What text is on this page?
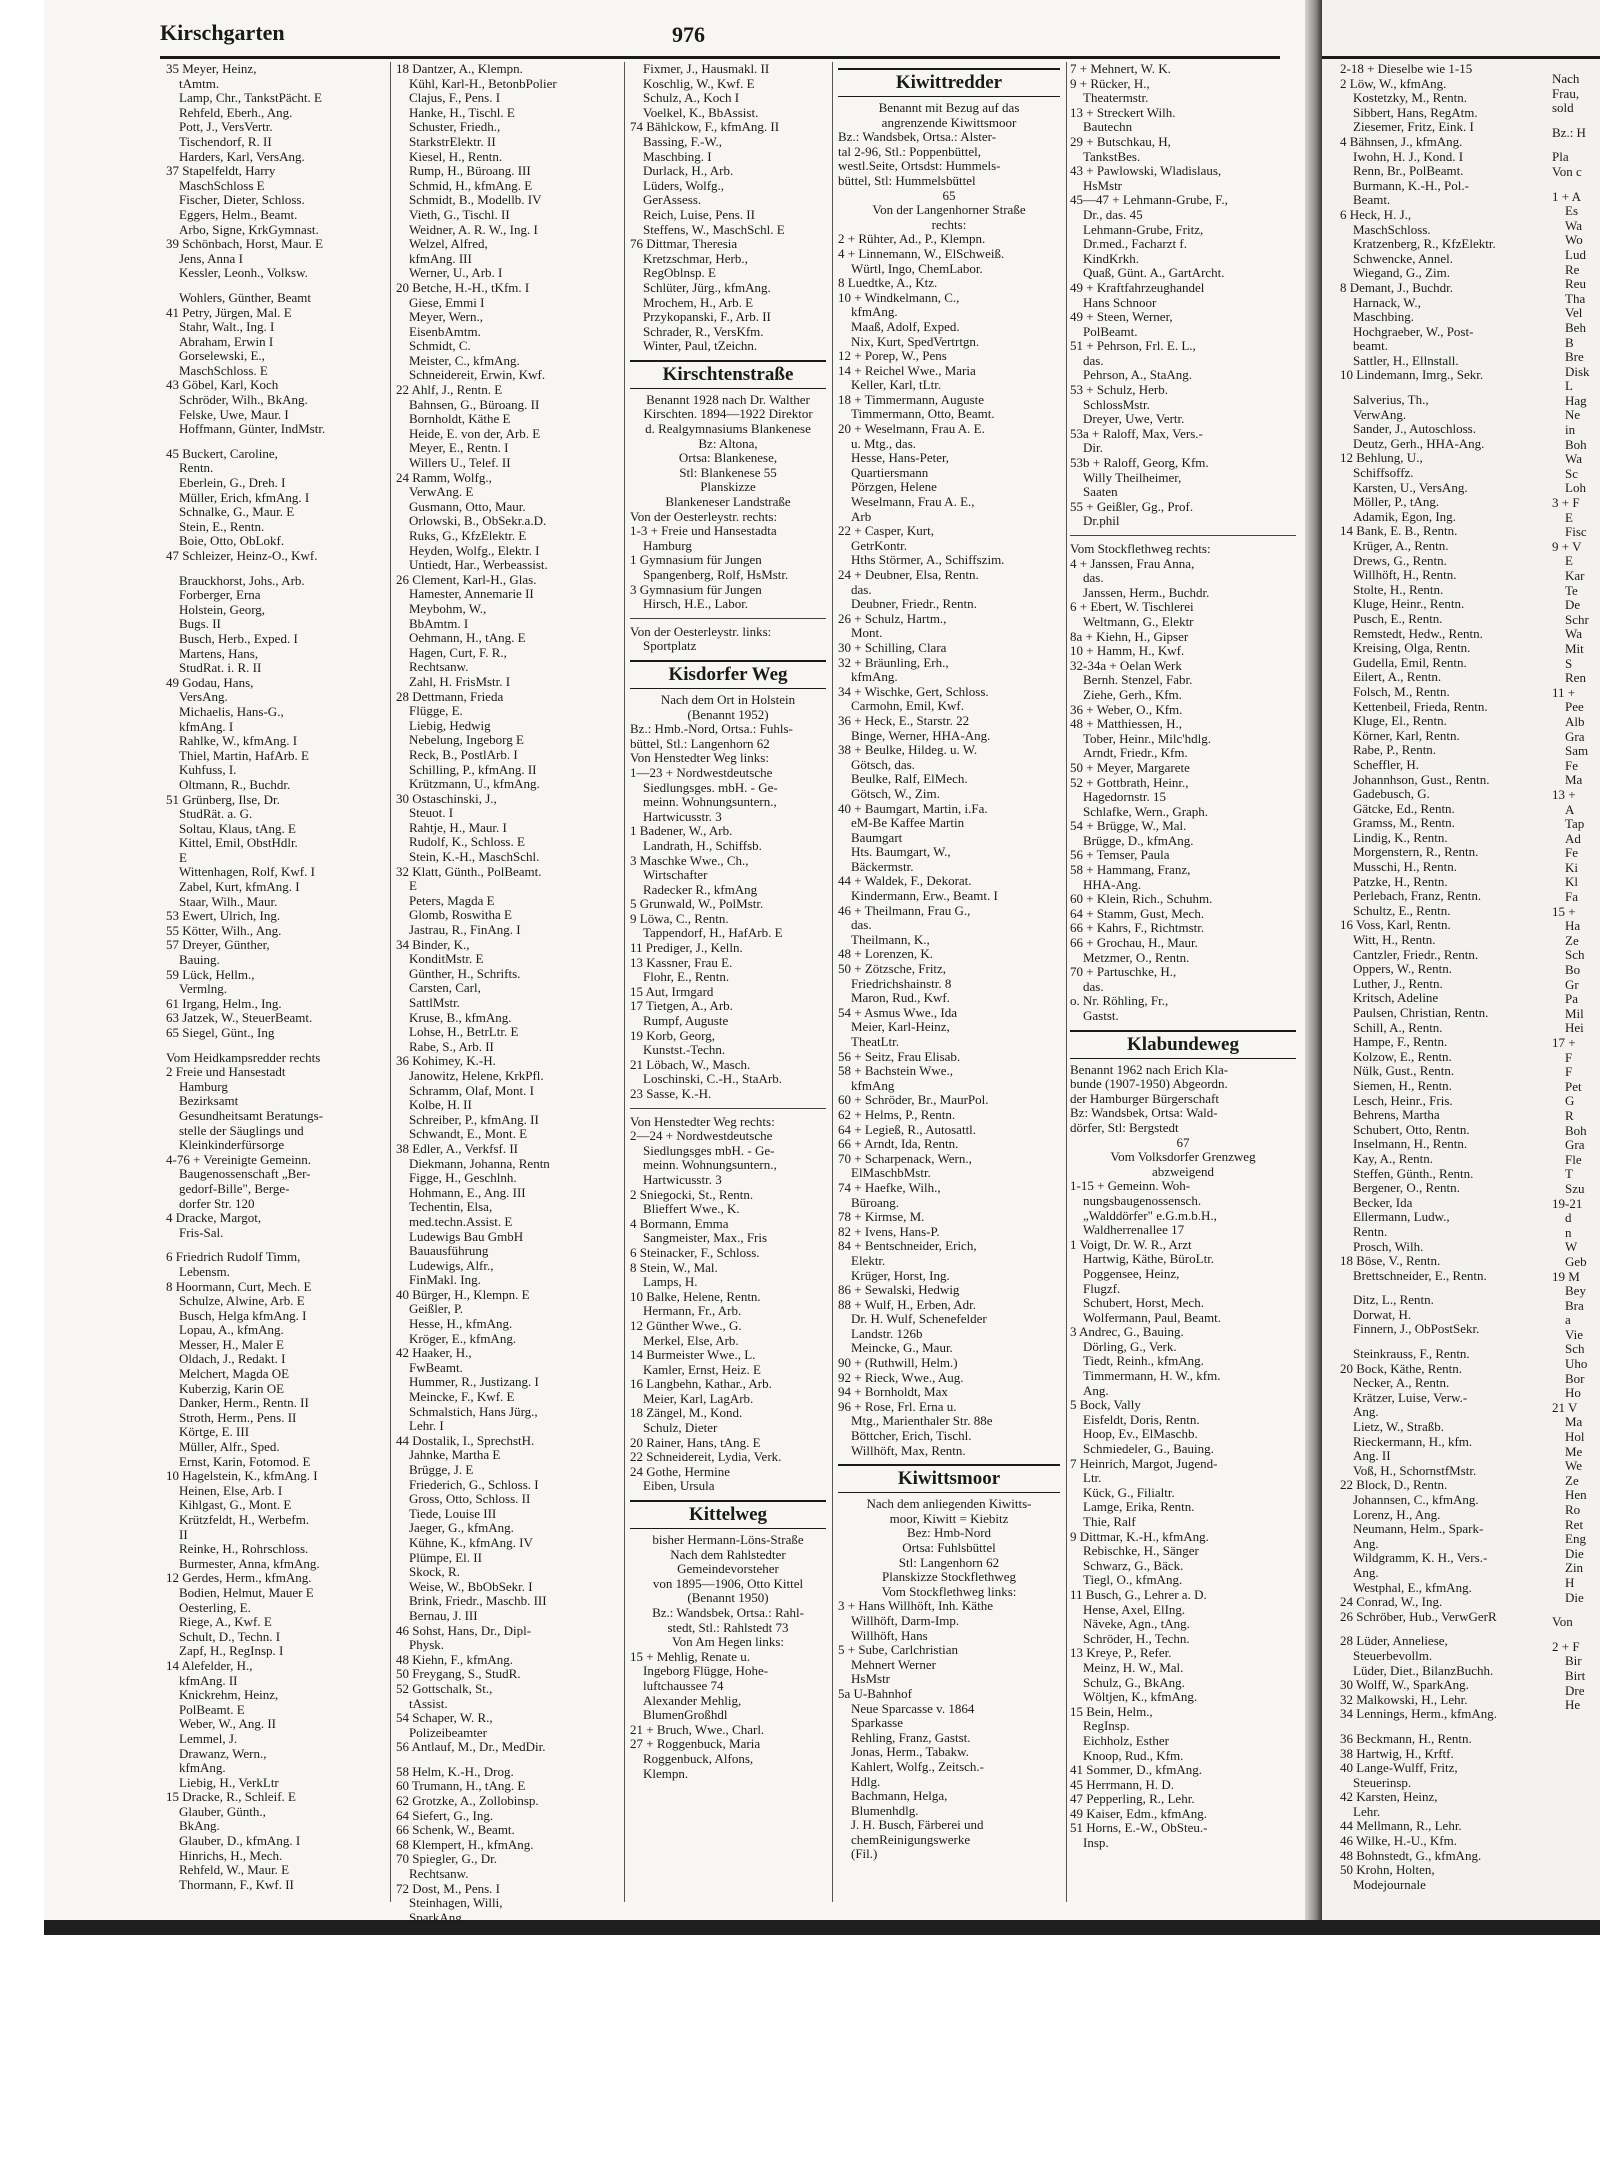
Kirschgarten	976
35 Meyer, Heinz,
 tAmtm.
 Lamp, Chr., TankstPächt. E
 Rehfeld, Eberh., Ang.
 Pott, J., VersVertr.
 Tischendorf, R. II
 Harders, Karl, VersAng.
37 Stapelfeldt, Harry
 MaschSchloss E
 Fischer, Dieter, Schloss.
 Eggers, Helm., Beamt.
 Arbo, Signe, KrkGymnast.
39 Schönbach, Horst, Maur. E
 Jens, Anna I
 Kessler, Leonh., Volksw.
 Wohlers, Günther, Beamt
41 Petry, Jürgen, Mal. E
 Stahr, Walt., Ing. I
 Abraham, Erwin I
 Gorselewski, E.,
 MaschSchloss. E
43 Göbel, Karl, Koch
 Schröder, Wilh., BkAng.
 Felske, Uwe, Maur. I
 Hoffmann, Günter, IndMstr.
45 Buckert, Caroline,
 Rentn.
 Eberlein, G., Dreh. I
 Müller, Erich, kfmAng. I
 Schnalke, G., Maur. E
 Stein, E., Rentn.
 Boie, Otto, ObLokf.
47 Schleizer, Heinz-O., Kwf.
 Brauckhorst, Johs., Arb.
 Forberger, Erna
 Holstein, Georg,
 Bugs. II
 Busch, Herb., Exped. I
 Martens, Hans,
 StudRat. i. R. II
49 Godau, Hans,
 VersAng.
 Michaelis, Hans-G.,
 kfmAng. I
 Rahlke, W., kfmAng. I
 Thiel, Martin, HafArb. E
 Kuhfuss, I.
 Oltmann, R., Buchdr.
51 Grünberg, Ilse, Dr.
 StudRät. a. G.
 Soltau, Klaus, tAng. E
 Kittel, Emil, ObstHdlr.
 E
 Wittenhagen, Rolf, Kwf. I
 Zabel, Kurt, kfmAng. I
 Staar, Wilh., Maur.
53 Ewert, Ulrich, Ing.
55 Kötter, Wilh., Ang.
57 Dreyer, Günther,
 Bauing.
59 Lück, Hellm.,
 Vermlng.
61 Irgang, Helm., Ing.
63 Jatzek, W., SteuerBeamt.
65 Siegel, Günt., Ing
Vom Heidkampsredder rechts
2 Freie und Hansestadt
 Hamburg
 Bezirksamt
 Gesundheitsamt Beratungs-
 stelle der Säuglings und
 Kleinkinderfürsorge
4-76 + Vereinigte Gemeinn.
 Baugenossenschaft „Ber-
 gedorf-Bille", Berge-
 dorfer Str. 120
4 Dracke, Margot,
 Fris-Sal.
6 Friedrich Rudolf Timm,
 Lebensm.
8 Hoormann, Curt, Mech. E
 Schulze, Alwine, Arb. E
 Busch, Helga kfmAng. I
 Lopau, A., kfmAng.
 Messer, H., Maler E
 Oldach, J., Redakt. I
 Melchert, Magda OE
 Kuberzig, Karin OE
 Danker, Herm., Rentn. II
 Stroth, Herm., Pens. II
 Körtge, E. III
 Müller, Alfr., Sped.
 Ernst, Karin, Fotomod. E
10 Hagelstein, K., kfmAng. I
 Heinen, Else, Arb. I
 Kihlgast, G., Mont. E
 Krützfeldt, H., Werbefm.
 II
 Reinke, H., Rohrschloss.
 Burmester, Anna, kfmAng.
12 Gerdes, Herm., kfmAng.
 Bodien, Helmut, Mauer E
 Oesterling, E.
 Riege, A., Kwf. E
 Schult, D., Techn. I
 Zapf, H., RegInsp. I
14 Alefelder, H.,
 kfmAng. II
 Knickrehm, Heinz,
 PolBeamt. E
 Weber, W., Ang. II
 Lemmel, J.
 Drawanz, Wern.,
 kfmAng.
 Liebig, H., VerkLtr
15 Dracke, R., Schleif. E
 Glauber, Günth.,
 BkAng.
 Glauber, D., kfmAng. I
 Hinrichs, H., Mech.
 Rehfeld, W., Maur. E
 Thormann, F., Kwf. II
18 Dantzer, A., Klempn.
 Kühl, Karl-H., BetonbPolier
 Clajus, F., Pens. I
 Hanke, H., Tischl. E
 Schuster, Friedh.,
 StarkstrElektr. II
 Kiesel, H., Rentn.
 Rump, H., Büroang. III
 Schmid, H., kfmAng. E
 Schmidt, B., Modellb. IV
 Vieth, G., Tischl. II
 Weidner, A. R. W., Ing. I
 Welzel, Alfred,
 kfmAng. III
 Werner, U., Arb. I
20 Betche, H.-H., tKfm. I
 Giese, Emmi I
 Meyer, Wern.,
 EisenbAmtm.
 Schmidt, C.
 Meister, C., kfmAng.
 Schneidereit, Erwin, Kwf.
22 Ahlf, J., Rentn. E
 Bahnsen, G., Büroang. II
 Bornholdt, Käthe E
 Heide, E. von der, Arb. E
 Meyer, E., Rentn. I
 Willers U., Telef. II
24 Ramm, Wolfg.,
 VerwAng. E
 Gusmann, Otto, Maur.
 Orlowski, B., ObSekr.a.D.
 Ruks, G., KfzElektr. E
 Heyden, Wolfg., Elektr. I
 Untiedt, Har., Werbeassist.
26 Clement, Karl-H., Glas.
 Hamester, Annemarie II
 Meybohm, W.,
 BbAmtm. I
 Oehmann, H., tAng. E
 Hagen, Curt, F. R.,
 Rechtsanw.
 Zahl, H. FrisMstr. I
28 Dettmann, Frieda
 Flügge, E.
 Liebig, Hedwig
 Nebelung, Ingeborg E
 Reck, B., PostlArb. I
 Schilling, P., kfmAng. II
 Krützmann, U., kfmAng.
30 Ostaschinski, J.,
 Steuot. I
 Rahtje, H., Maur. I
 Rudolf, K., Schloss. E
 Stein, K.-H., MaschSchl.
32 Klatt, Günth., PolBeamt.
 E
 Peters, Magda E
 Glomb, Roswitha E
 Jastrau, R., FinAng. I
34 Binder, K.,
 KonditMstr. E
 Günther, H., Schrifts.
 Carsten, Carl,
 SattlMstr.
 Kruse, B., kfmAng.
 Lohse, H., BetrLtr. E
 Rabe, S., Arb. II
36 Kohimey, K.-H.
 Janowitz, Helene, KrkPfl.
 Schramm, Olaf, Mont. I
 Kolbe, H. II
 Schreiber, P., kfmAng. II
 Schwandt, E., Mont. E
38 Edler, A., Verkfsf. II
 Diekmann, Johanna, Rentn
 Figge, H., Geschlnh.
 Hohmann, E., Ang. III
 Techentin, Elsa,
 med.techn.Assist. E
 Ludewigs Bau GmbH
 Bauausführung
 Ludewigs, Alfr.,
 FinMakl. Ing.
40 Bürger, H., Klempn. E
 Geißler, P.
 Hesse, H., kfmAng.
 Kröger, E., kfmAng.
42 Haaker, H.,
 FwBeamt.
 Hummer, R., Justizang. I
 Meincke, F., Kwf. E
 Schmalstich, Hans Jürg.,
 Lehr. I
44 Dostalik, I., SprechstH.
 Jahnke, Martha E
 Brügge, J. E
 Friederich, G., Schloss. I
 Gross, Otto, Schloss. II
 Tiede, Louise III
 Jaeger, G., kfmAng.
 Kühne, K., kfmAng. IV
 Plümpe, El. II
 Skock, R.
 Weise, W., BbObSekr. I
 Brink, Friedr., Maschb. III
 Bernau, J. III
46 Sohst, Hans, Dr., Dipl-
 Physk.
48 Kiehn, F., kfmAng.
50 Freygang, S., StudR.
52 Gottschalk, St.,
 tAssist.
54 Schaper, W. R.,
 Polizeibeamter
56 Antlauf, M., Dr., MedDir.
58 Helm, K.-H., Drog.
60 Trumann, H., tAng. E
62 Grotzke, A., Zollobinsp.
64 Siefert, G., Ing.
66 Schenk, W., Beamt.
68 Klempert, H., kfmAng.
70 Spiegler, G., Dr.
 Rechtsanw.
72 Dost, M., Pens. I
 Steinhagen, Willi,
 SparkAng.
 Fixmer, J., Hausmakl. II
 Koschlig, W., Kwf. E
 Schulz, A., Koch I
 Voelkel, K., BbAssist.
74 Bählckow, F., kfmAng. II
 Bassing, F.-W.,
 Maschbing. I
 Durlack, H., Arb.
 Lüders, Wolfg.,
 GerAssess.
 Reich, Luise, Pens. II
 Steffens, W., MaschSchl. E
76 Dittmar, Theresia
 Kretzschmar, Herb.,
 RegOblnsp. E
 Schlüter, Jürg., kfmAng.
 Mrochem, H., Arb. E
 Przykopanski, F., Arb. II
 Schrader, R., VersKfm.
 Winter, Paul, tZeichn.
Kirschtenstraße
Benannt 1928 nach Dr. Walther
Kirschten. 1894—1922 Direktor
d. Realgymnasiums Blankenese
Bz: Altona,
Ortsa: Blankenese,
Stl: Blankenese 55
Planskizze
Blankeneser Landstraße
Von der Oesterleystr. rechts:
1-3 + Freie und Hansestadta
 Hamburg
1 Gymnasium für Jungen
 Spangenberg, Rolf, HsMstr.
3 Gymnasium für Jungen
 Hirsch, H.E., Labor.
Von der Oesterleystr. links:
 Sportplatz
Kisdorfer Weg
Nach dem Ort in Holstein
(Benannt 1952)
Bz.: Hmb.-Nord, Ortsa.: Fuhls-
büttel, Stl.: Langenhorn 62
Von Henstedter Weg links:
1—23 + Nordwestdeutsche
 Siedlungsges. mbH. - Ge-
 meinn. Wohnungsuntern.,
 Hartwicusstr. 3
1 Badener, W., Arb.
 Landrath, H., Schiffsb.
3 Maschke Wwe., Ch.,
 Wirtschafter
 Radecker R., kfmAng
5 Grunwald, W., PolMstr.
9 Löwa, C., Rentn.
 Tappendorf, H., HafArb. E
11 Prediger, J., Kelln.
13 Kassner, Frau E.
 Flohr, E., Rentn.
15 Aut, Irmgard
17 Tietgen, A., Arb.
 Rumpf, Auguste
19 Korb, Georg,
 Kunstst.-Techn.
21 Löbach, W., Masch.
 Loschinski, C.-H., StaArb.
23 Sasse, K.-H.
Von Henstedter Weg rechts:
2—24 + Nordwestdeutsche
 Siedlungsges mbH. - Ge-
 meinn. Wohnungsuntern.,
 Hartwicusstr. 3
2 Sniegocki, St., Rentn.
 Blieffert Wwe., K.
4 Bormann, Emma
 Sangmeister, Max., Fris
6 Steinacker, F., Schloss.
8 Stein, W., Mal.
 Lamps, H.
10 Balke, Helene, Rentn.
 Hermann, Fr., Arb.
12 Günther Wwe., G.
 Merkel, Else, Arb.
14 Burmeister Wwe., L.
 Kamler, Ernst, Heiz. E
16 Langbehn, Kathar., Arb.
 Meier, Karl, LagArb.
18 Zängel, M., Kond.
 Schulz, Dieter
20 Rainer, Hans, tAng. E
22 Schneidereit, Lydia, Verk.
24 Gothe, Hermine
 Eiben, Ursula
Kittelweg
bisher Hermann-Löns-Straße
Nach dem Rahlstedter
Gemeindevorsteher
von 1895—1906, Otto Kittel
(Benannt 1950)
Bz.: Wandsbek, Ortsa.: Rahl-
stedt, Stl.: Rahlstedt 73
Von Am Hegen links:
15 + Mehlig, Renate u.
 Ingeborg Flügge, Hohe-
 luftchaussee 74
 Alexander Mehlig,
 BlumenGroßhdl
21 + Bruch, Wwe., Charl.
27 + Roggenbuck, Maria
 Roggenbuck, Alfons,
 Klempn.
Kiwittredder
Benannt mit Bezug auf das
angrenzende Kiwittsmoor
Bz.: Wandsbek, Ortsa.: Alster-
tal 2-96, Stl.: Poppenbüttel,
westl.Seite, Ortsdst: Hummels-
büttel, Stl: Hummelsbüttel
65
Von der Langenhorner Straße
rechts:
2 + Rühter, Ad., P., Klempn.
4 + Linnemann, W., ElSchweiß.
 Würtl, Ingo, ChemLabor.
8 Luedtke, A., Ktz.
10 + Windkelmann, C.,
 kfmAng.
 Maaß, Adolf, Exped.
 Nix, Kurt, SpedVertrtgn.
12 + Porep, W., Pens
14 + Reichel Wwe., Maria
 Keller, Karl, tLtr.
18 + Timmermann, Auguste
 Timmermann, Otto, Beamt.
20 + Weselmann, Frau A. E.
 u. Mtg., das.
 Hesse, Hans-Peter,
 Quartiersmann
 Pörzgen, Helene
 Weselmann, Frau A. E.,
 Arb
22 + Casper, Kurt,
 GetrKontr.
 Hths Störmer, A., Schiffszim.
24 + Deubner, Elsa, Rentn.
 das.
 Deubner, Friedr., Rentn.
26 + Schulz, Hartm.,
 Mont.
30 + Schilling, Clara
32 + Bräunling, Erh.,
 kfmAng.
34 + Wischke, Gert, Schloss.
 Carmohn, Emil, Kwf.
36 + Heck, E., Starstr. 22
 Binge, Werner, HHA-Ang.
38 + Beulke, Hildeg. u. W.
 Götsch, das.
 Beulke, Ralf, ElMech.
 Götsch, W., Zim.
40 + Baumgart, Martin, i.Fa.
 eM-Be Kaffee Martin
 Baumgart
 Hts. Baumgart, W.,
 Bäckermstr.
44 + Waldek, F., Dekorat.
 Kindermann, Erw., Beamt. I
46 + Theilmann, Frau G.,
 das.
 Theilmann, K.,
48 + Lorenzen, K.
50 + Zötzsche, Fritz,
 Friedrichshainstr. 8
 Maron, Rud., Kwf.
54 + Asmus Wwe., Ida
 Meier, Karl-Heinz,
 TheatLtr.
56 + Seitz, Frau Elisab.
58 + Bachstein Wwe.,
 kfmAng
60 + Schröder, Br., MaurPol.
62 + Helms, P., Rentn.
64 + Legieß, R., Autosattl.
66 + Arndt, Ida, Rentn.
70 + Scharpenack, Wern.,
 ElMaschbMstr.
74 + Haefke, Wilh.,
 Büroang.
78 + Kirmse, M.
82 + Ivens, Hans-P.
84 + Bentschneider, Erich,
 Elektr.
 Krüger, Horst, Ing.
86 + Sewalski, Hedwig
88 + Wulf, H., Erben, Adr.
 Dr. H. Wulf, Schenefelder
 Landstr. 126b
 Meincke, G., Maur.
90 + (Ruthwill, Helm.)
92 + Rieck, Wwe., Aug.
94 + Bornholdt, Max
96 + Rose, Frl. Erna u.
 Mtg., Marienthaler Str. 88e
 Böttcher, Erich, Tischl.
 Willhöft, Max, Rentn.
Kiwittsmoor
Nach dem anliegenden Kiwitts-
moor, Kiwitt = Kiebitz
Bez: Hmb-Nord
Ortsa: Fuhlsbüttel
Stl: Langenhorn 62
Planskizze Stockflethweg
Vom Stockflethweg links:
3 + Hans Willhöft, Inh. Käthe
 Willhöft, Darm-Imp.
 Willhöft, Hans
5 + Sube, Carlchristian
 Mehnert Werner
 HsMstr
5a U-Bahnhof
 Neue Sparcasse v. 1864
 Sparkasse
 Rehling, Franz, Gastst.
 Jonas, Herm., Tabakw.
 Kahlert, Wolfg., Zeitsch.-
 Hdlg.
 Bachmann, Helga,
 Blumenhdlg.
 J. H. Busch, Färberei und
 chemReinigungswerke
 (Fil.)
7 + Mehnert, W. K.
9 + Rücker, H.,
 Theatermstr.
13 + Streckert Wilh.
 Bautechn
29 + Butschkau, H,
 TankstBes.
43 + Pawlowski, Wladislaus,
 HsMstr
45—47 + Lehmann-Grube, F.,
 Dr., das. 45
 Lehmann-Grube, Fritz,
 Dr.med., Facharzt f.
 KindKrkh.
 Quaß, Günt. A., GartArcht.
49 + Kraftfahrzeughandel
 Hans Schnoor
49 + Steen, Werner,
 PolBeamt.
51 + Pehrson, Frl. E. L.,
 das.
 Pehrson, A., StaAng.
53 + Schulz, Herb.
 SchlossMstr.
 Dreyer, Uwe, Vertr.
53a + Raloff, Max, Vers.-
 Dir.
53b + Raloff, Georg, Kfm.
 Willy Theilheimer,
 Saaten
55 + Geißler, Gg., Prof.
 Dr.phil
Vom Stockflethweg rechts:
4 + Janssen, Frau Anna,
 das.
 Janssen, Herm., Buchdr.
6 + Ebert, W. Tischlerei
 Weltmann, G., Elektr
8a + Kiehn, H., Gipser
10 + Hamm, H., Kwf.
32-34a + Oelan Werk
 Bernh. Stenzel, Fabr.
 Ziehe, Gerh., Kfm.
36 + Weber, O., Kfm.
48 + Matthiessen, H.,
 Tober, Heinr., Milc'hdlg.
 Arndt, Friedr., Kfm.
50 + Meyer, Margarete
52 + Gottbrath, Heinr.,
 Hagedornstr. 15
 Schlafke, Wern., Graph.
54 + Brügge, W., Mal.
 Brügge, D., kfmAng.
56 + Temser, Paula
58 + Hammang, Franz,
 HHA-Ang.
60 + Klein, Rich., Schuhm.
64 + Stamm, Gust, Mech.
66 + Kahrs, F., Richtmstr.
66 + Grochau, H., Maur.
 Metzmer, O., Rentn.
70 + Partuschke, H.,
 das.
o. Nr. Röhling, Fr.,
 Gastst.
Klabundeweg
Benannt 1962 nach Erich Kla-
bunde (1907-1950) Abgeordn.
der Hamburger Bürgerschaft
Bz: Wandsbek, Ortsa: Wald-
dörfer, Stl: Bergstedt
67
Vom Volksdorfer Grenzweg
abzweigend
1-15 + Gemeinn. Woh-
 nungsbaugenossensch.
 „Walddörfer" e.G.m.b.H.,
 Waldherrenallee 17
1 Voigt, Dr. W. R., Arzt
 Hartwig, Käthe, BüroLtr.
 Poggensee, Heinz,
 Flugzf.
 Schubert, Horst, Mech.
 Wolfermann, Paul, Beamt.
3 Andrec, G., Bauing.
 Dörling, G., Verk.
 Tiedt, Reinh., kfmAng.
 Timmermann, H. W., kfm.
 Ang.
5 Bock, Vally
 Eisfeldt, Doris, Rentn.
 Hoop, Ev., ElMaschb.
 Schmiedeler, G., Bauing.
7 Heinrich, Margot, Jugend-
 Ltr.
 Kück, G., Filialtr.
 Lamge, Erika, Rentn.
 Thie, Ralf
9 Dittmar, K.-H., kfmAng.
 Rebischke, H., Sänger
 Schwarz, G., Bäck.
 Tiegl, O., kfmAng.
11 Busch, G., Lehrer a. D.
 Hense, Axel, ElIng.
 Näveke, Agn., tAng.
 Schröder, H., Techn.
13 Kreye, P., Refer.
 Meinz, H. W., Mal.
 Schulz, G., BkAng.
 Wöltjen, K., kfmAng.
15 Bein, Helm.,
 RegInsp.
 Eichholz, Esther
 Knoop, Rud., Kfm.
41 Sommer, D., kfmAng.
45 Herrmann, H. D.
47 Pepperling, R., Lehr.
49 Kaiser, Edm., kfmAng.
51 Horns, E.-W., ObSteu.-
 Insp.
2-18 + Dieselbe wie 1-15
2 Löw, W., kfmAng.
 Kostetzky, M., Rentn.
 Sibbert, Hans, RegAtm.
 Ziesemer, Fritz, Eink. I
4 Bähnsen, J., kfmAng.
 Iwohn, H. J., Kond. I
 Renn, Br., PolBeamt.
 Burmann, K.-H., Pol.-
 Beamt.
6 Heck, H. J.,
 MaschSchloss.
 Kratzenberg, R., KfzElektr.
 Schwencke, Annel.
 Wiegand, G., Zim.
8 Demant, J., Buchdr.
 Harnack, W.,
 Maschbing.
 Hochgraeber, W., Post-
 beamt.
 Sattler, H., Ellnstall.
10 Lindemann, Imrg., Sekr.
 Salverius, Th.,
 VerwAng.
 Sander, J., Autoschloss.
 Deutz, Gerh., HHA-Ang.
12 Behlung, U.,
 Schiffsoffz.
 Karsten, U., VersAng.
 Möller, P., tAng.
 Adamik, Egon, Ing.
14 Bank, E. B., Rentn.
 Krüger, A., Rentn.
 Drews, G., Rentn.
 Willhöft, H., Rentn.
 Stolte, H., Rentn.
 Kluge, Heinr., Rentn.
 Pusch, E., Rentn.
 Remstedt, Hedw., Rentn.
 Kreising, Olga, Rentn.
 Gudella, Emil, Rentn.
 Eilert, A., Rentn.
 Folsch, M., Rentn.
 Kettenbeil, Frieda, Rentn.
 Kluge, El., Rentn.
 Körner, Karl, Rentn.
 Rabe, P., Rentn.
 Scheffler, H.
 Johannhson, Gust., Rentn.
 Gadebusch, G.
 Gätcke, Ed., Rentn.
 Gramss, M., Rentn.
 Lindig, K., Rentn.
 Morgenstern, R., Rentn.
 Musschi, H., Rentn.
 Patzke, H., Rentn.
 Perlebach, Franz, Rentn.
 Schultz, E., Rentn.
16 Voss, Karl, Rentn.
 Witt, H., Rentn.
 Cantzler, Friedr., Rentn.
 Oppers, W., Rentn.
 Luther, J., Rentn.
 Kritsch, Adeline
 Paulsen, Christian, Rentn.
 Schill, A., Rentn.
 Hampe, F., Rentn.
 Kolzow, E., Rentn.
 Nülk, Gust., Rentn.
 Siemen, H., Rentn.
 Lesch, Heinr., Fris.
 Behrens, Martha
 Schubert, Otto, Rentn.
 Inselmann, H., Rentn.
 Kay, A., Rentn.
 Steffen, Günth., Rentn.
 Bergener, O., Rentn.
 Becker, Ida
 Ellermann, Ludw.,
 Rentn.
 Prosch, Wilh.
18 Böse, V., Rentn.
 Brettschneider, E., Rentn.
 Ditz, L., Rentn.
 Dorwat, H.
 Finnern, J., ObPostSekr.
 Steinkrauss, F., Rentn.
20 Bock, Käthe, Rentn.
 Necker, A., Rentn.
 Krätzer, Luise, Verw.-
 Ang.
 Lietz, W., Straßb.
 Rieckermann, H., kfm.
 Ang. II
 Voß, H., SchornstfMstr.
22 Block, D., Rentn.
 Johannsen, C., kfmAng.
 Lorenz, H., Ang.
 Neumann, Helm., Spark-
 Ang.
 Wildgramm, K. H., Vers.-
 Ang.
 Westphal, E., kfmAng.
24 Conrad, W., Ing.
26 Schröber, Hub., VerwGerR
28 Lüder, Anneliese,
 Steuerbevollm.
 Lüder, Diet., BilanzBuchh.
30 Wolff, W., SparkAng.
32 Malkowski, H., Lehr.
34 Lennings, Herm., kfmAng.
36 Beckmann, H., Rentn.
38 Hartwig, H., Krftf.
40 Lange-Wulff, Fritz,
 Steuerinsp.
42 Karsten, Heinz,
 Lehr.
44 Mellmann, R., Lehr.
46 Wilke, H.-U., Kfm.
48 Bohnstedt, G., kfmAng.
50 Krohn, Holten,
 Modejournale
Nach
Frau,
sold
Bz.: H
Pla
Von c
1 + A
 Es
 Wa
 Wo
 Lud
 Re
 Reu
 Tha
 Vel
 Beh
 B
 Bre
 Disk
 L
 Hag
 Ne
 in
 Boh
 Wa
 Sc
 Loh
3 + F
 E
 Fisc
9 + V
 E
 Kar
 Te
 De
 Schr
 Wa
 Mit
 S
 Ren
11 +
 Pee
 Alb
 Gra
 Sam
 Fe
 Ma
13 +
 A
 Tap
 Ad
 Fe
 Ki
 Kl
 Fa
15 +
 Ha
 Ze
 Sch
 Bo
 Gr
 Pa
 Mil
 Hei
17 +
 F
 F
 Pet
 G
 R
 Boh
 Gra
 Fle
 T
 Szu
19-21
 d
 n
 W
 Geb
19 M
 Bey
 Bra
 a
 Vie
 Sch
 Uho
 Bor
 Ho
21 V
 Ma
 Hol
 Me
 We
 Ze
 Hen
 Ro
 Ret
 Eng
 Die
 Zin
 H
 Die
Von
2 + F
 Bir
 Birt
 Dre
 He
